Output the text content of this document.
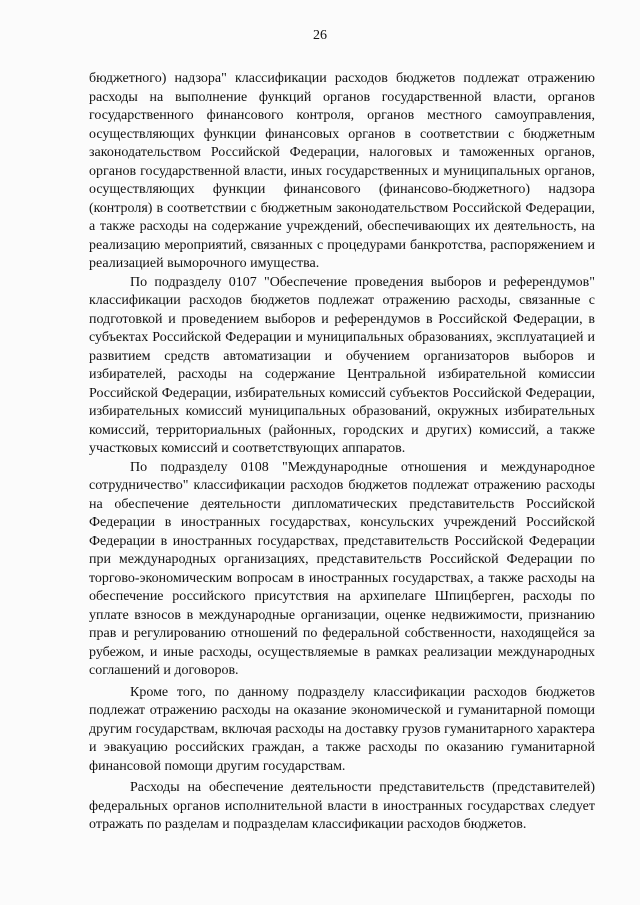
26

бюджетного) надзора" классификации расходов бюджетов подлежат отражению расходы на выполнение функций органов государственной власти, органов государственного финансового контроля, органов местного самоуправления, осуществляющих функции финансовых органов в соответствии с бюджетным законодательством Российской Федерации, налоговых и таможенных органов, органов государственной власти, иных государственных и муниципальных органов, осуществляющих функции финансового (финансово-бюджетного) надзора (контроля) в соответствии с бюджетным законодательством Российской Федерации, а также расходы на содержание учреждений, обеспечивающих их деятельность, на реализацию мероприятий, связанных с процедурами банкротства, распоряжением и реализацией выморочного имущества.

По подразделу 0107 "Обеспечение проведения выборов и референдумов" классификации расходов бюджетов подлежат отражению расходы, связанные с подготовкой и проведением выборов и референдумов в Российской Федерации, в субъектах Российской Федерации и муниципальных образованиях, эксплуатацией и развитием средств автоматизации и обучением организаторов выборов и избирателей, расходы на содержание Центральной избирательной комиссии Российской Федерации, избирательных комиссий субъектов Российской Федерации, избирательных комиссий муниципальных образований, окружных избирательных комиссий, территориальных (районных, городских и других) комиссий, а также участковых комиссий и соответствующих аппаратов.

По подразделу 0108 "Международные отношения и международное сотрудничество" классификации расходов бюджетов подлежат отражению расходы на обеспечение деятельности дипломатических представительств Российской Федерации в иностранных государствах, консульских учреждений Российской Федерации в иностранных государствах, представительств Российской Федерации при международных организациях, представительств Российской Федерации по торгово-экономическим вопросам в иностранных государствах, а также расходы на обеспечение российского присутствия на архипелаге Шпицберген, расходы по уплате взносов в международные организации, оценке недвижимости, признанию прав и регулированию отношений по федеральной собственности, находящейся за рубежом, и иные расходы, осуществляемые в рамках реализации международных соглашений и договоров.

Кроме того, по данному подразделу классификации расходов бюджетов подлежат отражению расходы на оказание экономической и гуманитарной помощи другим государствам, включая расходы на доставку грузов гуманитарного характера и эвакуацию российских граждан, а также расходы по оказанию гуманитарной финансовой помощи другим государствам.

Расходы на обеспечение деятельности представительств (представителей) федеральных органов исполнительной власти в иностранных государствах следует отражать по разделам и подразделам классификации расходов бюджетов.
